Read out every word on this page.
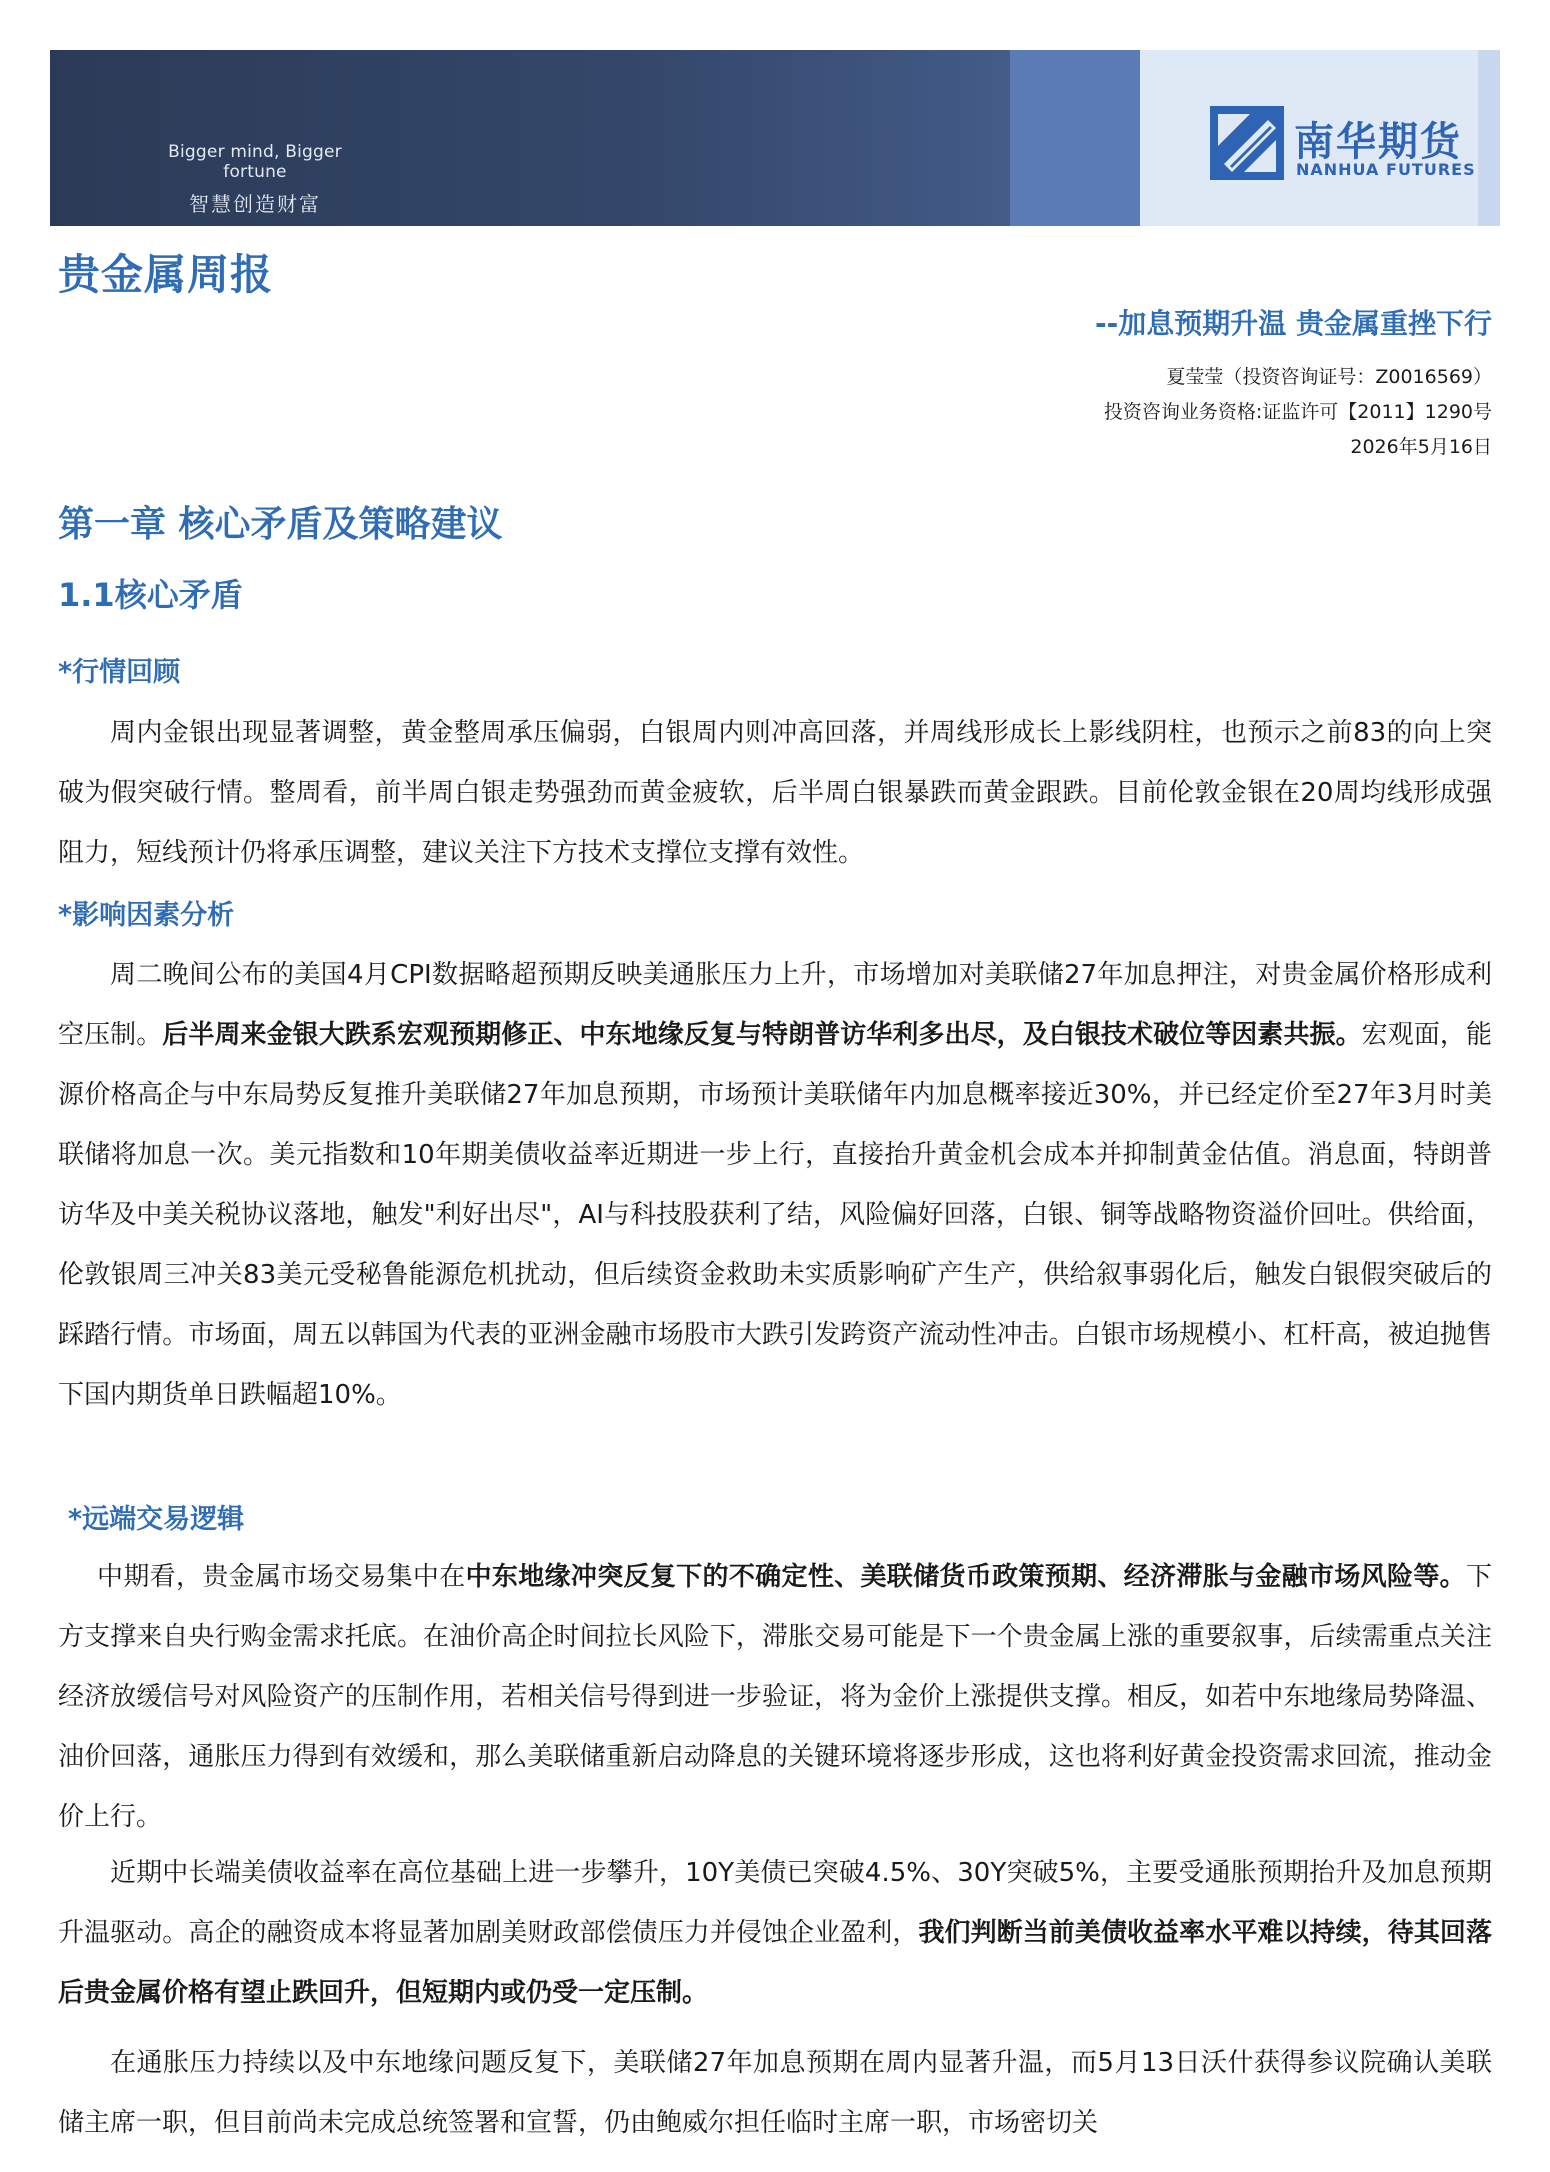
Bigger mind, Bigger fortune
智慧创造财富
南华期货
NANHUA FUTURES
贵金属周报
--加息预期升温 贵金属重挫下行
夏莹莹（投资咨询证号：Z0016569）
投资咨询业务资格:证监许可【2011】1290号
2026年5月16日
第一章 核心矛盾及策略建议
1.1核心矛盾
*行情回顾

周内金银出现显著调整，黄金整周承压偏弱，白银周内则冲高回落，并周线形成长上影线阴柱，也预示之前83的向上突破为假突破行情。整周看，前半周白银走势强劲而黄金疲软，后半周白银暴跌而黄金跟跌。目前伦敦金银在20周均线形成强阻力，短线预计仍将承压调整，建议关注下方技术支撑位支撑有效性。

*影响因素分析

周二晚间公布的美国4月CPI数据略超预期反映美通胀压力上升，市场增加对美联储27年加息押注，对贵金属价格形成利空压制。后半周来金银大跌系宏观预期修正、中东地缘反复与特朗普访华利多出尽，及白银技术破位等因素共振。宏观面，能源价格高企与中东局势反复推升美联储27年加息预期，市场预计美联储年内加息概率接近30%，并已经定价至27年3月时美联储将加息一次。美元指数和10年期美债收益率近期进一步上行，直接抬升黄金机会成本并抑制黄金估值。消息面，特朗普访华及中美关税协议落地，触发"利好出尽"，AI与科技股获利了结，风险偏好回落，白银、铜等战略物资溢价回吐。供给面，伦敦银周三冲关83美元受秘鲁能源危机扰动，但后续资金救助未实质影响矿产生产，供给叙事弱化后，触发白银假突破后的踩踏行情。市场面，周五以韩国为代表的亚洲金融市场股市大跌引发跨资产流动性冲击。白银市场规模小、杠杆高，被迫抛售下国内期货单日跌幅超10%。

*远端交易逻辑

中期看，贵金属市场交易集中在中东地缘冲突反复下的不确定性、美联储货币政策预期、经济滞胀与金融市场风险等。下方支撑来自央行购金需求托底。在油价高企时间拉长风险下，滞胀交易可能是下一个贵金属上涨的重要叙事，后续需重点关注经济放缓信号对风险资产的压制作用，若相关信号得到进一步验证，将为金价上涨提供支撑。相反，如若中东地缘局势降温、油价回落，通胀压力得到有效缓和，那么美联储重新启动降息的关键环境将逐步形成，这也将利好黄金投资需求回流，推动金价上行。

近期中长端美债收益率在高位基础上进一步攀升，10Y美债已突破4.5%、30Y突破5%，主要受通胀预期抬升及加息预期升温驱动。高企的融资成本将显著加剧美财政部偿债压力并侵蚀企业盈利，我们判断当前美债收益率水平难以持续，待其回落后贵金属价格有望止跌回升，但短期内或仍受一定压制。

在通胀压力持续以及中东地缘问题反复下，美联储27年加息预期在周内显著升温，而5月13日沃什获得参议院确认美联储主席一职，但目前尚未完成总统签署和宣誓，仍由鲍威尔担任临时主席一职，市场密切关
